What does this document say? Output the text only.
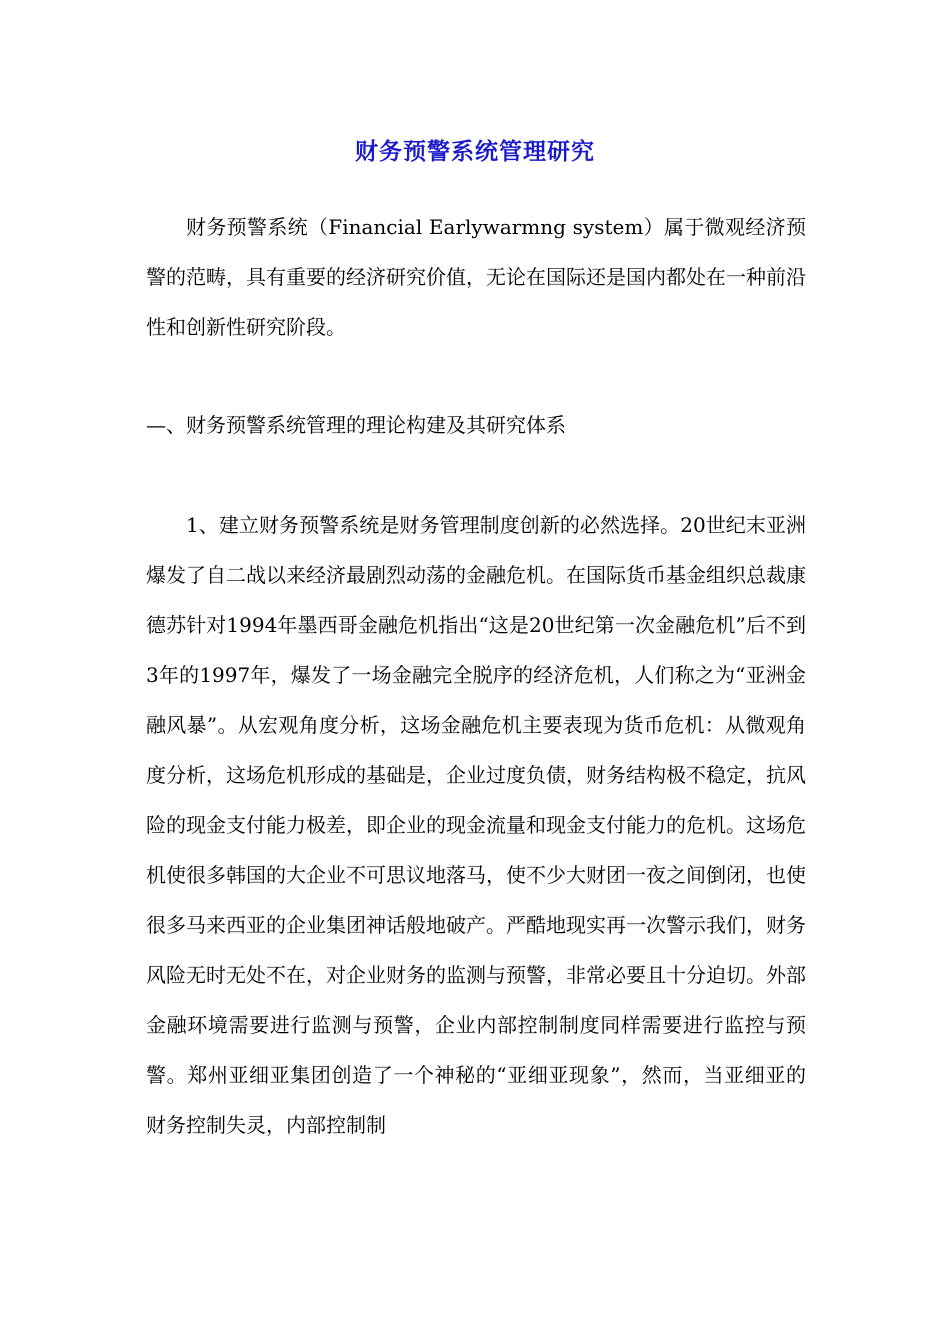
财务预警系统管理研究

财务预警系统（Financial Earlywarmng system）属于微观经济预警的范畴，具有重要的经济研究价值，无论在国际还是国内都处在一种前沿性和创新性研究阶段。

—、财务预警系统管理的理论构建及其研究体系

1、建立财务预警系统是财务管理制度创新的必然选择。20世纪末亚洲爆发了自二战以来经济最剧烈动荡的金融危机。在国际货币基金组织总裁康德苏针对1994年墨西哥金融危机指出“这是20世纪第一次金融危机”后不到3年的1997年，爆发了一场金融完全脱序的经济危机，人们称之为“亚洲金融风暴”。从宏观角度分析，这场金融危机主要表现为货币危机：从微观角度分析，这场危机形成的基础是，企业过度负债，财务结构极不稳定，抗风险的现金支付能力极差，即企业的现金流量和现金支付能力的危机。这场危机使很多韩国的大企业不可思议地落马，使不少大财团一夜之间倒闭，也使很多马来西亚的企业集团神话般地破产。严酷地现实再一次警示我们，财务风险无时无处不在，对企业财务的监测与预警，非常必要且十分迫切。外部金融环境需要进行监测与预警，企业内部控制制度同样需要进行监控与预警。郑州亚细亚集团创造了一个神秘的“亚细亚现象”，然而，当亚细亚的财务控制失灵，内部控制制
